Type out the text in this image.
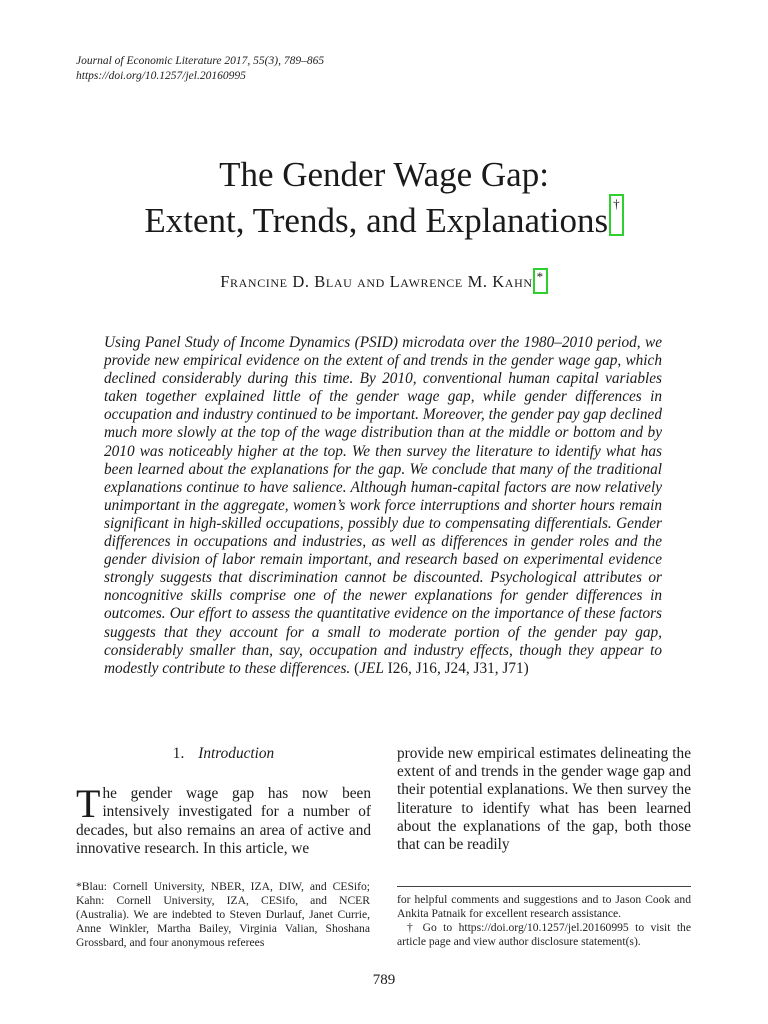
Journal of Economic Literature 2017, 55(3), 789–865
https://doi.org/10.1257/jel.20160995
The Gender Wage Gap:
Extent, Trends, and Explanations †
Francine D. Blau and Lawrence M. Kahn *
Using Panel Study of Income Dynamics (PSID) microdata over the 1980–2010 period, we provide new empirical evidence on the extent of and trends in the gender wage gap, which declined considerably during this time. By 2010, conventional human capital variables taken together explained little of the gender wage gap, while gender differences in occupation and industry continued to be important. Moreover, the gender pay gap declined much more slowly at the top of the wage distribution than at the middle or bottom and by 2010 was noticeably higher at the top. We then survey the literature to identify what has been learned about the explanations for the gap. We conclude that many of the traditional explanations continue to have salience. Although human-capital factors are now relatively unimportant in the aggregate, women’s work force interruptions and shorter hours remain significant in high-skilled occupations, possibly due to compensating differentials. Gender differences in occupations and industries, as well as differences in gender roles and the gender division of labor remain important, and research based on experimental evidence strongly suggests that discrimination cannot be discounted. Psychological attributes or noncognitive skills comprise one of the newer explanations for gender differences in outcomes. Our effort to assess the quantitative evidence on the importance of these factors suggests that they account for a small to moderate portion of the gender pay gap, considerably smaller than, say, occupation and industry effects, though they appear to modestly contribute to these differences. (JEL I26, J16, J24, J31, J71)
1. Introduction
The gender wage gap has now been intensively investigated for a number of decades, but also remains an area of active and innovative research. In this article, we
provide new empirical estimates delineating the extent of and trends in the gender wage gap and their potential explanations. We then survey the literature to identify what has been learned about the explanations of the gap, both those that can be readily
*Blau: Cornell University, NBER, IZA, DIW, and CESifo; Kahn: Cornell University, IZA, CESifo, and NCER (Australia). We are indebted to Steven Durlauf, Janet Currie, Anne Winkler, Martha Bailey, Virginia Valian, Shoshana Grossbard, and four anonymous referees
for helpful comments and suggestions and to Jason Cook and Ankita Patnaik for excellent research assistance.
† Go to https://doi.org/10.1257/jel.20160995 to visit the article page and view author disclosure statement(s).
789
